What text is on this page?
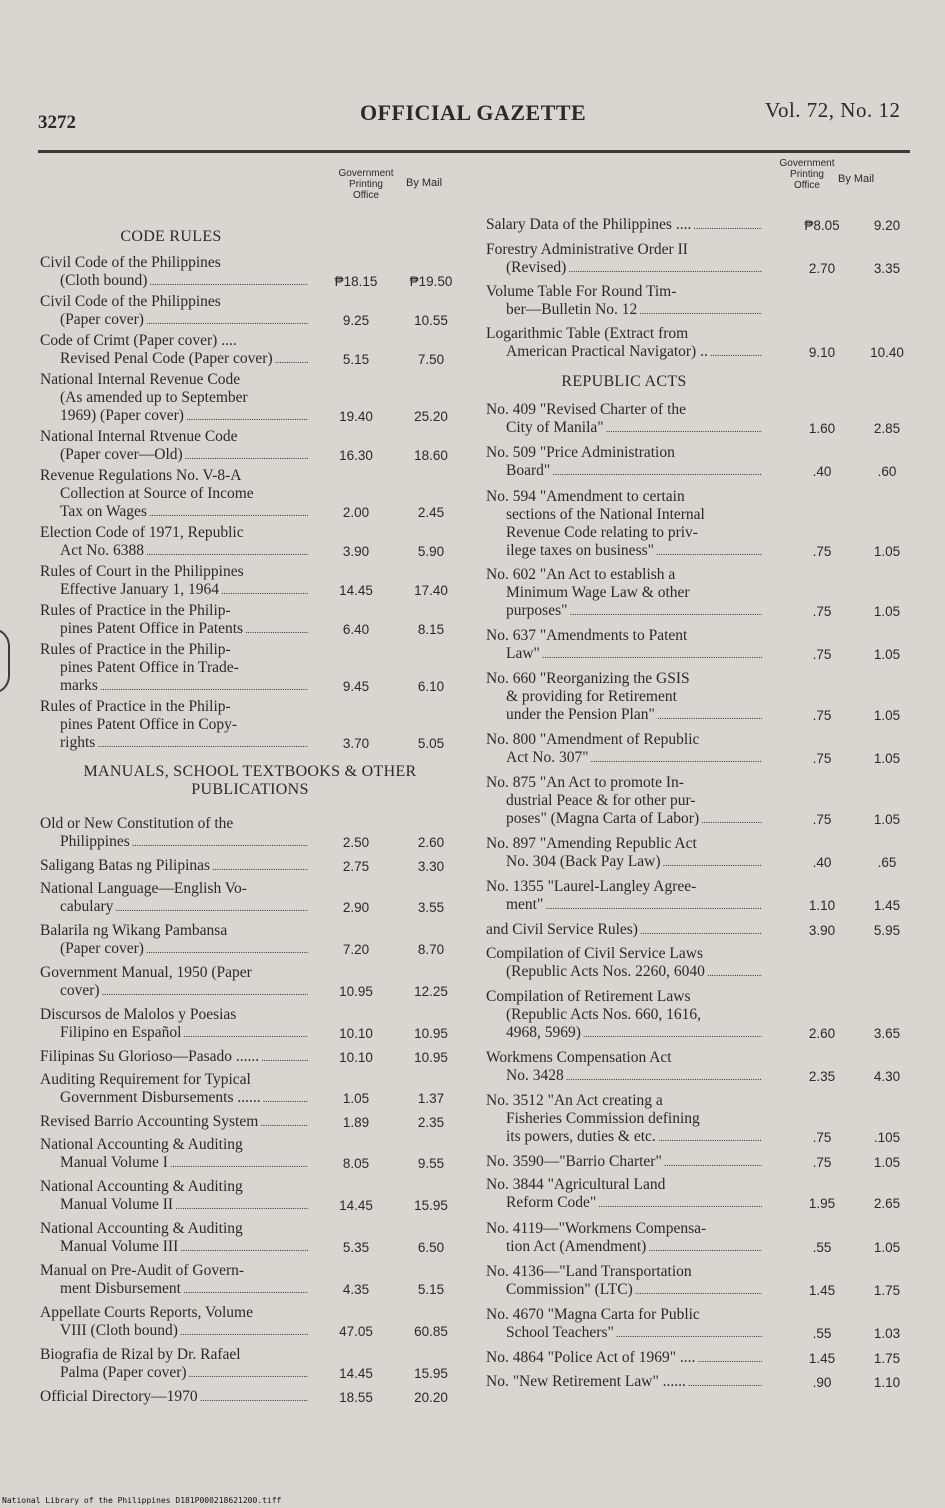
3272	OFFICIAL GAZETTE	Vol. 72, No. 12
Government
Printing
Office
By Mail
Government
Printing
Office
By Mail
CODE RULES
Civil Code of the Philippines
(Cloth bound) .....	₱18.15	₱19.50
Civil Code of the Philippines
(Paper cover) .....	9.25	10.55
Code of Crimt (Paper cover) ....
Revised Penal Code (Paper cover) .....	5.15	7.50
National Internal Revenue Code
(As amended up to September
1969) (Paper cover) .....	19.40	25.20
National Internal Rtvenue Code
(Paper cover—Old) .....	16.30	18.60
Revenue Regulations No. V-8-A
Collection at Source of Income
Tax on Wages .....	2.00	2.45
Election Code of 1971, Republic
Act No. 6388 .....	3.90	5.90
Rules of Court in the Philippines
Effective January 1, 1964 .....	14.45	17.40
Rules of Practice in the Philip-
pines Patent Office in Patents .....	6.40	8.15
Rules of Practice in the Philip-
pines Patent Office in Trade-
marks .....	9.45	6.10
Rules of Practice in the Philip-
pines Patent Office in Copy-
rights .....	3.70	5.05
MANUALS, SCHOOL TEXTBOOKS & OTHER
PUBLICATIONS
Old or New Constitution of the
Philippines .....	2.50	2.60
Saligang Batas ng Pilipinas .....	2.75	3.30
National Language—English Vo-
cabulary .....	2.90	3.55
Balarila ng Wikang Pambansa
(Paper cover) .....	7.20	8.70
Government Manual, 1950 (Paper
cover) .....	10.95	12.25
Discursos de Malolos y Poesias
Filipino en Español .....	10.10	10.95
Filipinas Su Glorioso—Pasado ...... .....	10.10	10.95
Auditing Requirement for Typical
Government Disbursements ...... .....	1.05	1.37
Revised Barrio Accounting System .....	1.89	2.35
National Accounting & Auditing
Manual Volume I .....	8.05	9.55
National Accounting & Auditing
Manual Volume II .....	14.45	15.95
National Accounting & Auditing
Manual Volume III .....	5.35	6.50
Manual on Pre-Audit of Govern-
ment Disbursement .....	4.35	5.15
Appellate Courts Reports, Volume
VIII (Cloth bound) .....	47.05	60.85
Biografia de Rizal by Dr. Rafael
Palma (Paper cover) .....	14.45	15.95
Official Directory—1970 .....	18.55	20.20
Salary Data of the Philippines .... .....	₱8.05	9.20
Forestry Administrative Order II
(Revised) .....	2.70	3.35
Volume Table For Round Tim-
ber—Bulletin No. 12 .....
Logarithmic Table (Extract from
American Practical Navigator) .. .....	9.10	10.40
REPUBLIC ACTS
No. 409 "Revised Charter of the
City of Manila" .....	1.60	2.85
No. 509 "Price Administration
Board" .....	.40	.60
No. 594 "Amendment to certain
sections of the National Internal
Revenue Code relating to priv-
ilege taxes on business" .....	.75	1.05
No. 602 "An Act to establish a
Minimum Wage Law & other
purposes" .....	.75	1.05
No. 637 "Amendments to Patent
Law" .....	.75	1.05
No. 660 "Reorganizing the GSIS
& providing for Retirement
under the Pension Plan" .....	.75	1.05
No. 800 "Amendment of Republic
Act No. 307" .....	.75	1.05
No. 875 "An Act to promote In-
dustrial Peace & for other pur-
poses" (Magna Carta of Labor) .....	.75	1.05
No. 897 "Amending Republic Act
No. 304 (Back Pay Law) .....	.40	.65
No. 1355 "Laurel-Langley Agree-
ment" .....	1.10	1.45
and Civil Service Rules) .....	3.90	5.95
Compilation of Civil Service Laws
(Republic Acts Nos. 2260, 6040 .....
Compilation of Retirement Laws
(Republic Acts Nos. 660, 1616,
4968, 5969) .....	2.60	3.65
Workmens Compensation Act
No. 3428 .....	2.35	4.30
No. 3512 "An Act creating a
Fisheries Commission defining
its powers, duties & etc. .....	.75	.105
No. 3590—"Barrio Charter" .....	.75	1.05
No. 3844 "Agricultural Land
Reform Code" .....	1.95	2.65
No. 4119—"Workmens Compensa-
tion Act (Amendment) .....	.55	1.05
No. 4136—"Land Transportation
Commission" (LTC) .....	1.45	1.75
No. 4670 "Magna Carta for Public
School Teachers" .....	.55	1.03
No. 4864 "Police Act of 1969" .... .....	1.45	1.75
No. "New Retirement Law" ...... .....	.90	1.10
National Library of the Philippines D181P000218621200.tiff
